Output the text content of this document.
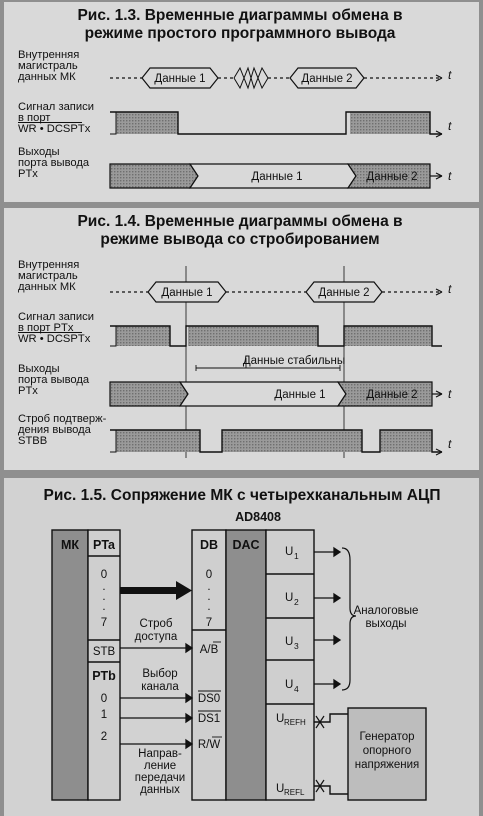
Рис. 1.3. Временные диаграммы обмена в
режиме простого программного вывода
Внутренняя
магистраль
данных МК
Сигнал записи
в порт
WR • DCSPTx
Выходы
порта вывода
PTx
Данные 1	Данные 2	t
t
Данные 1	Данные 2	t
Рис. 1.4. Временные диаграммы обмена в
режиме вывода со стробированием
Внутренняя
магистраль
данных МК
Сигнал записи
в порт PTx
WR • DCSPTx
Выходы
порта вывода
PTx
Строб подтверж-
дения вывода
STBB
Данные 1	Данные 2	t
Данные стабильны
Данные 1	Данные 2	t
t
Рис. 1.5. Сопряжение МК с четырехканальным АЦП
AD8408
МК PTa
0
.
.
.
7
STB
PTb
0
1
2
DB DAC
0
.
.
.
7
A/B
DS0
DS1
R/W
U 1
U 2
U 3
U 4
U REFH
U REFL
Строб
доступа
Выбор
канала
Направ-
ление
передачи
данных
Аналоговые
выходы
Генератор
опорного
напряжения
